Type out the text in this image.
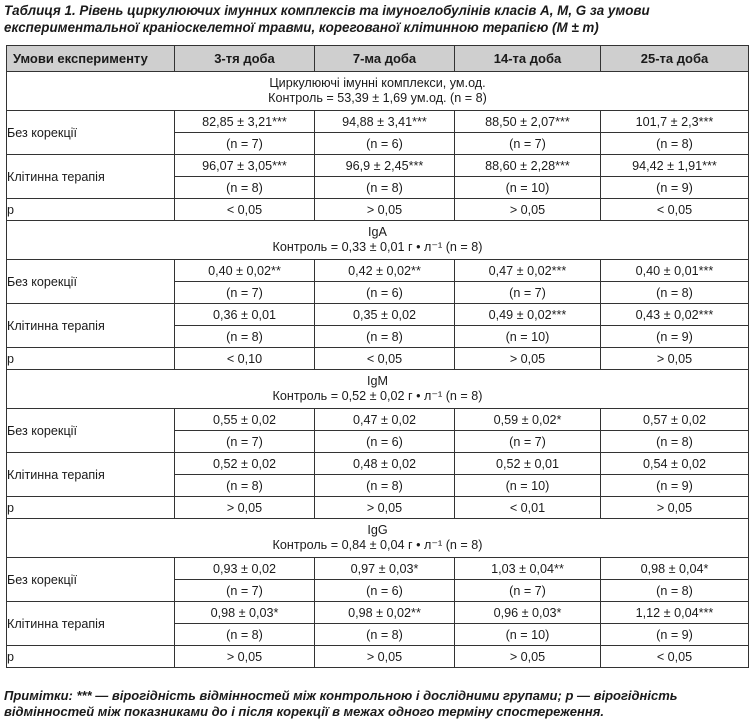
Таблиця 1. Рівень циркулюючих імунних комплексів та імуноглобулінів класів A, M, G за умови експериментальної краніоскелетної травми, корегованої клітинною терапією (M ± m)
Умови експерименту	3-тя доба	7-ма доба	14-та доба	25-та доба

Циркулюючі імунні комплекси, ум.од.
Контроль = 53,39 ± 1,69 ум.од. (n = 8)				

Без корекції	82,85 ± 3,21***	94,88 ± 3,41***	88,50 ± 2,07***	101,7 ± 2,3***
	(n = 7)	(n = 6)	(n = 7)	(n = 8)
Клітинна терапія	96,07 ± 3,05***	96,9 ± 2,45***	88,60 ± 2,28***	94,42 ± 1,91***
	(n = 8)	(n = 8)	(n = 10)	(n = 9)
p	< 0,05	> 0,05	> 0,05	< 0,05

IgA
Контроль = 0,33 ± 0,01 г • л⁻¹ (n = 8)				

Без корекції	0,40 ± 0,02**	0,42 ± 0,02**	0,47 ± 0,02***	0,40 ± 0,01***
	(n = 7)	(n = 6)	(n = 7)	(n = 8)
Клітинна терапія	0,36 ± 0,01	0,35 ± 0,02	0,49 ± 0,02***	0,43 ± 0,02***
	(n = 8)	(n = 8)	(n = 10)	(n = 9)
p	< 0,10	< 0,05	> 0,05	> 0,05

IgM
Контроль = 0,52 ± 0,02 г • л⁻¹ (n = 8)				

Без корекції	0,55 ± 0,02	0,47 ± 0,02	0,59 ± 0,02*	0,57 ± 0,02
	(n = 7)	(n = 6)	(n = 7)	(n = 8)
Клітинна терапія	0,52 ± 0,02	0,48 ± 0,02	0,52 ± 0,01	0,54 ± 0,02
	(n = 8)	(n = 8)	(n = 10)	(n = 9)
p	> 0,05	> 0,05	< 0,01	> 0,05

IgG
Контроль = 0,84 ± 0,04 г • л⁻¹ (n = 8)				

Без корекції	0,93 ± 0,02	0,97 ± 0,03*	1,03 ± 0,04**	0,98 ± 0,04*
	(n = 7)	(n = 6)	(n = 7)	(n = 8)
Клітинна терапія	0,98 ± 0,03*	0,98 ± 0,02**	0,96 ± 0,03*	1,12 ± 0,04***
	(n = 8)	(n = 8)	(n = 10)	(n = 9)
p	> 0,05	> 0,05	> 0,05	< 0,05
Примітки: *** — вірогідність відмінностей між контрольною і дослідними групами; p — вірогідність відмінностей між показниками до і після корекції в межах одного терміну спостереження.
